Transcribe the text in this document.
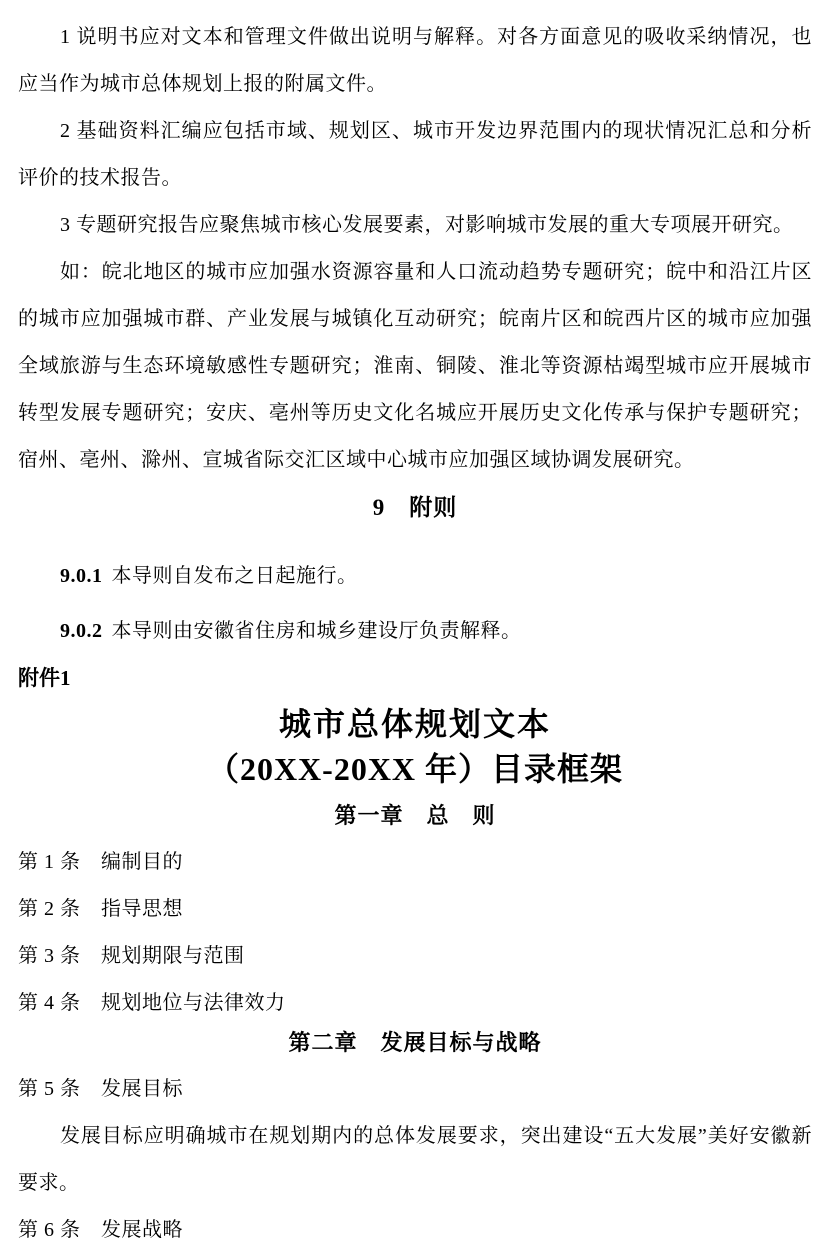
1 说明书应对文本和管理文件做出说明与解释。对各方面意见的吸收采纳情况，也应当作为城市总体规划上报的附属文件。

2 基础资料汇编应包括市域、规划区、城市开发边界范围内的现状情况汇总和分析评价的技术报告。

3 专题研究报告应聚焦城市核心发展要素，对影响城市发展的重大专项展开研究。

如：皖北地区的城市应加强水资源容量和人口流动趋势专题研究；皖中和沿江片区的城市应加强城市群、产业发展与城镇化互动研究；皖南片区和皖西片区的城市应加强全域旅游与生态环境敏感性专题研究；淮南、铜陵、淮北等资源枯竭型城市应开展城市转型发展专题研究；安庆、亳州等历史文化名城应开展历史文化传承与保护专题研究；宿州、亳州、滁州、宣城省际交汇区域中心城市应加强区域协调发展研究。

9　附则

9.0.1 本导则自发布之日起施行。

9.0.2 本导则由安徽省住房和城乡建设厅负责解释。

附件1

城市总体规划文本
（20XX-20XX 年）目录框架
第一章　总　则

第 1 条　编制目的

第 2 条　指导思想

第 3 条　规划期限与范围

第 4 条　规划地位与法律效力

第二章　发展目标与战略

第 5 条　发展目标

发展目标应明确城市在规划期内的总体发展要求，突出建设“五大发展”美好安徽新要求。

第 6 条　发展战略
